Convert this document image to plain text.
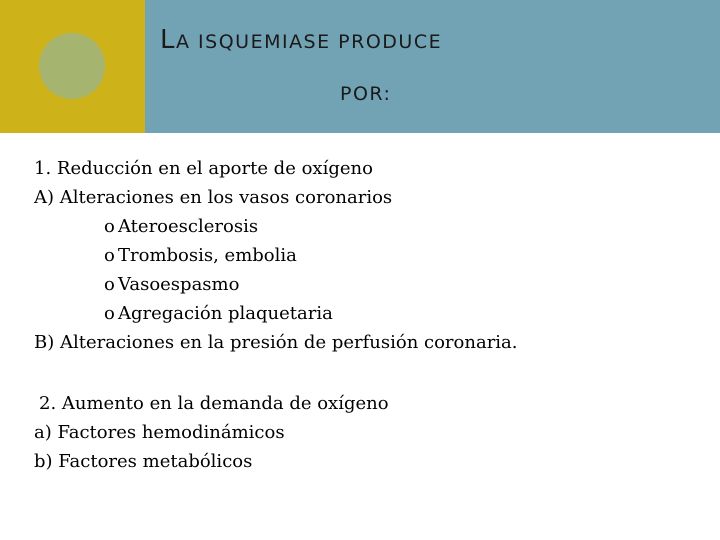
LA ISQUEMIASE PRODUCE
POR:
1. Reducción en el aporte de oxígeno
A) Alteraciones en los vasos coronarios
o Ateroesclerosis
o Trombosis, embolia
o Vasoespasmo
o Agregación plaquetaria
B) Alteraciones en la presión de perfusión coronaria.
2. Aumento en la demanda de oxígeno
a) Factores hemodinámicos
b) Factores metabólicos
